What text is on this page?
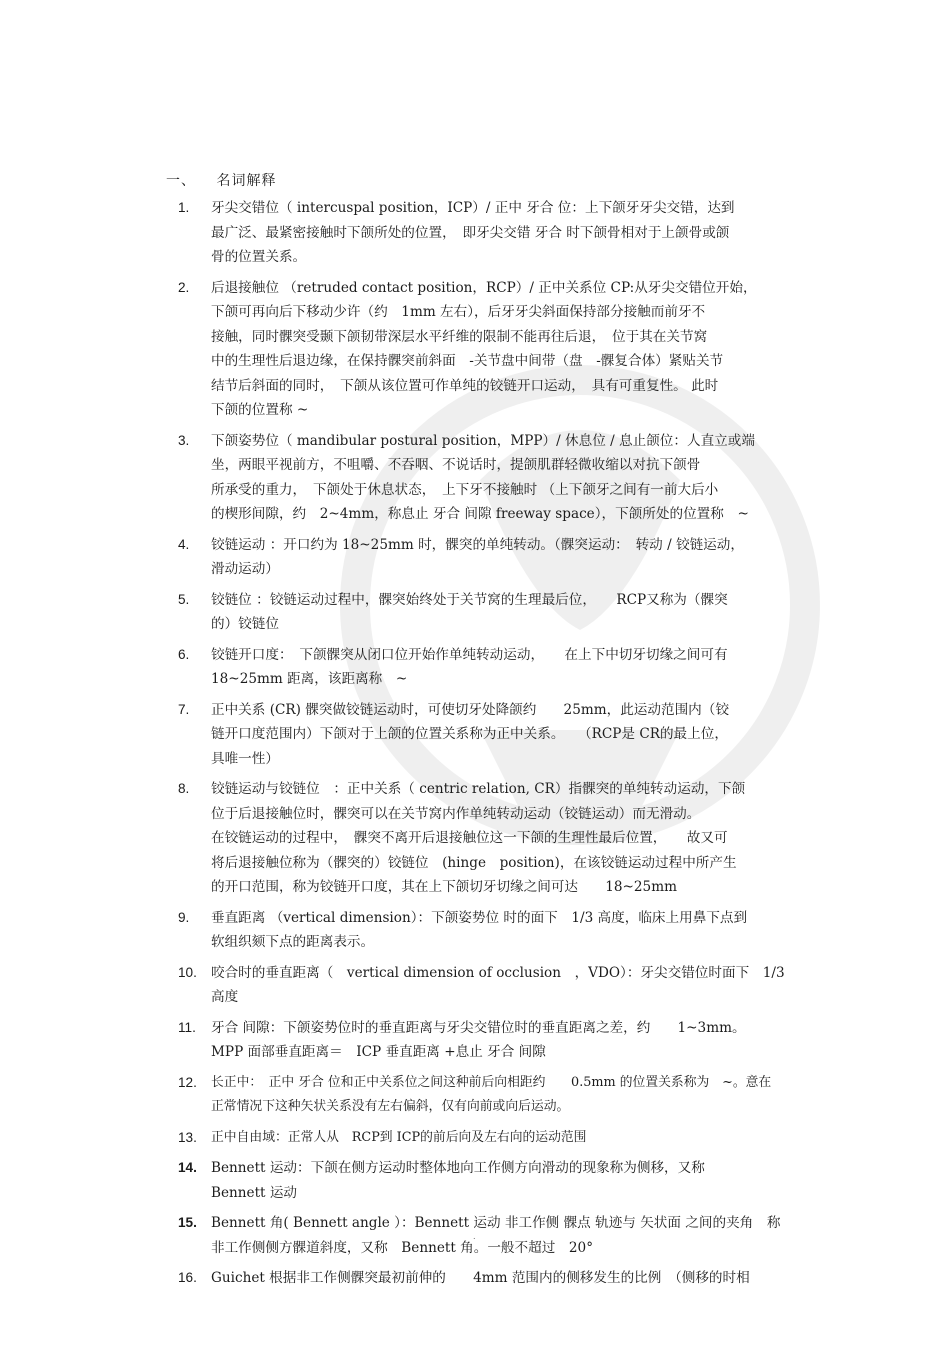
一、 名词解释
1. 牙尖交错位（ intercuspal position，ICP）/ 正中 牙合 位：上下颌牙牙尖交错，达到
最广泛、最紧密接触时下颌所处的位置，　即牙尖交错 牙合 时下颌骨相对于上颌骨或颌
骨的位置关系。
2. 后退接触位 （retruded contact position，RCP）/ 正中关系位 CP:从牙尖交错位开始，
下颌可再向后下移动少许（约　1mm 左右），后牙牙尖斜面保持部分接触而前牙不
接触，同时髁突受颞下颌韧带深层水平纤维的限制不能再往后退，　位于其在关节窝
中的生理性后退边缘，在保持髁突前斜面　-关节盘中间带（盘　-髁复合体）紧贴关节
结节后斜面的同时，　下颌从该位置可作单纯的铰链开口运动，　具有可重复性。 此时
下颌的位置称 ~
3. 下颌姿势位（ mandibular postural position，MPP）/ 休息位 / 息止颌位：人直立或端
坐，两眼平视前方，不咀嚼、不吞咽、不说话时，提颌肌群轻微收缩以对抗下颌骨
所承受的重力，　下颌处于休息状态，　上下牙不接触时 （上下颌牙之间有一前大后小
的楔形间隙，约　2~4mm，称息止 牙合 间隙 freeway space），下颌所处的位置称　~
4. 铰链运动 ：开口约为 18~25mm 时，髁突的单纯转动。（髁突运动：　转动 / 铰链运动，
滑动运动）
5. 铰链位 ：铰链运动过程中，髁突始终处于关节窝的生理最后位，　　RCP又称为（髁突
的）铰链位
6. 铰链开口度：　下颌髁突从闭口位开始作单纯转动运动，　　在上下中切牙切缘之间可有
18~25mm 距离，该距离称　~
7. 正中关系 (CR) 髁突做铰链运动时，可使切牙处降颌约　　25mm，此运动范围内（铰
链开口度范围内）下颌对于上颌的位置关系称为正中关系。　　（RCP是 CR的最上位，
具唯一性）
8. 铰链运动与铰链位　：正中关系（ centric relation, CR）指髁突的单纯转动运动，下颌
位于后退接触位时，髁突可以在关节窝内作单纯转动运动（铰链运动）而无滑动。
在铰链运动的过程中，　髁突不离开后退接触位这一下颌的生理性最后位置，　　故又可
将后退接触位称为（髁突的）铰链位　(hinge　position)，在该铰链运动过程中所产生
的开口范围，称为铰链开口度，其在上下颌切牙切缘之间可达　　18~25mm
9. 垂直距离 （vertical dimension）：下颌姿势位 时的面下　1/3 高度，临床上用鼻下点到
软组织颏下点的距离表示。
10. 咬合时的垂直距离（　vertical dimension of occlusion　，VDO）：牙尖交错位时面下　1/3
高度
11. 牙合 间隙：下颌姿势位时的垂直距离与牙尖交错位时的垂直距离之差，约　　1~3mm。
MPP 面部垂直距离＝　ICP 垂直距离 +息止 牙合 间隙
12. 长正中：　正中 牙合 位和正中关系位之间这种前后向相距约　　0.5mm 的位置关系称为　~。意在
正常情况下这种矢状关系没有左右偏斜，仅有向前或向后运动。
13. 正中自由域：正常人从　RCP到 ICP的前后向及左右向的运动范围
14. Bennett 运动：下颌在侧方运动时整体地向工作侧方向滑动的现象称为侧移，又称
Bennett 运动
15. Bennett 角( Bennett angle ）：Bennett 运动 非工作侧 髁点 轨迹与 矢状面 之间的夹角　称
非工作侧侧方髁道斜度，又称　Bennett 角。一般不超过　20°
16. Guichet 根据非工作侧髁突最初前伸的　　4mm 范围内的侧移发生的比例　（侧移的时相
.
